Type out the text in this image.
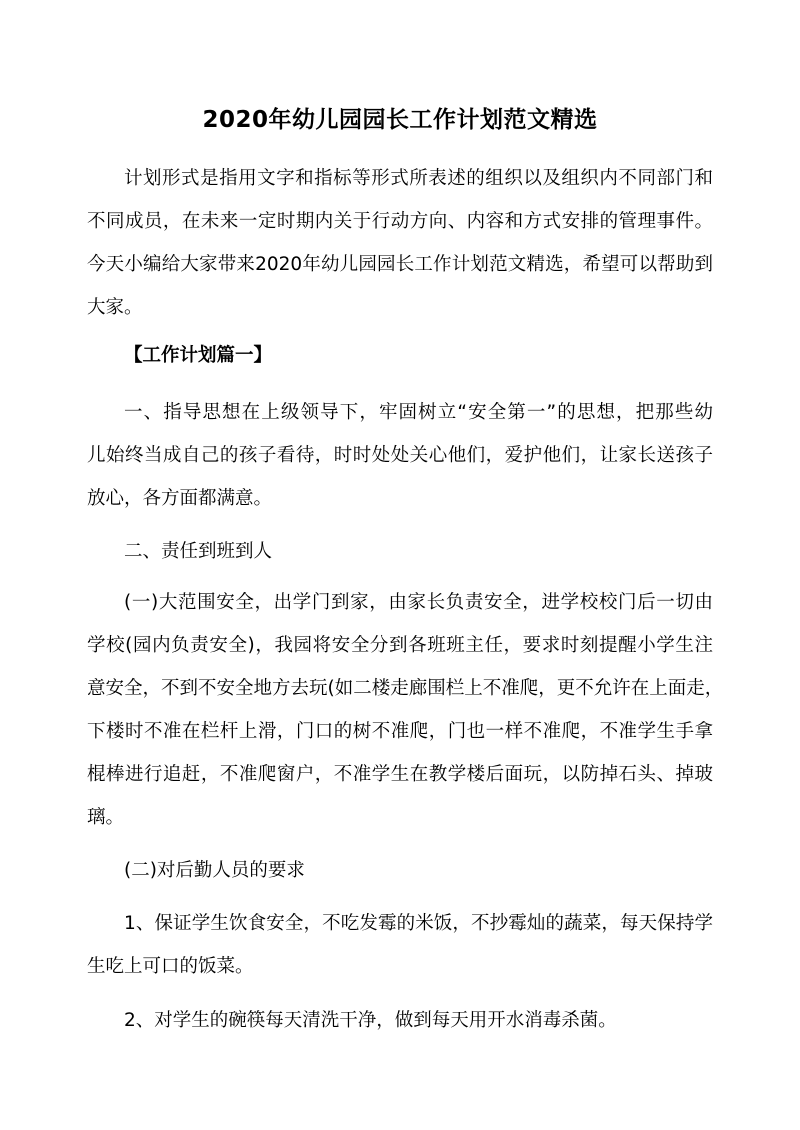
2020年幼儿园园长工作计划范文精选
计划形式是指用文字和指标等形式所表述的组织以及组织内不同部门和
不同成员，在未来一定时期内关于行动方向、内容和方式安排的管理事件。
今天小编给大家带来2020年幼儿园园长工作计划范文精选，希望可以帮助到
大家。
【工作计划篇一】
一、指导思想在上级领导下，牢固树立“安全第一”的思想，把那些幼
儿始终当成自己的孩子看待，时时处处关心他们，爱护他们，让家长送孩子
放心，各方面都满意。
二、责任到班到人
(一)大范围安全，出学门到家，由家长负责安全，进学校校门后一切由
学校(园内负责安全)，我园将安全分到各班班主任，要求时刻提醒小学生注
意安全，不到不安全地方去玩(如二楼走廊围栏上不准爬，更不允许在上面走，
下楼时不准在栏杆上滑，门口的树不准爬，门也一样不准爬，不准学生手拿
棍棒进行追赶，不准爬窗户，不准学生在教学楼后面玩，以防掉石头、掉玻
璃。
(二)对后勤人员的要求
1、保证学生饮食安全，不吃发霉的米饭，不抄霉灿的蔬菜，每天保持学
生吃上可口的饭菜。
2、对学生的碗筷每天清洗干净，做到每天用开水消毒杀菌。
